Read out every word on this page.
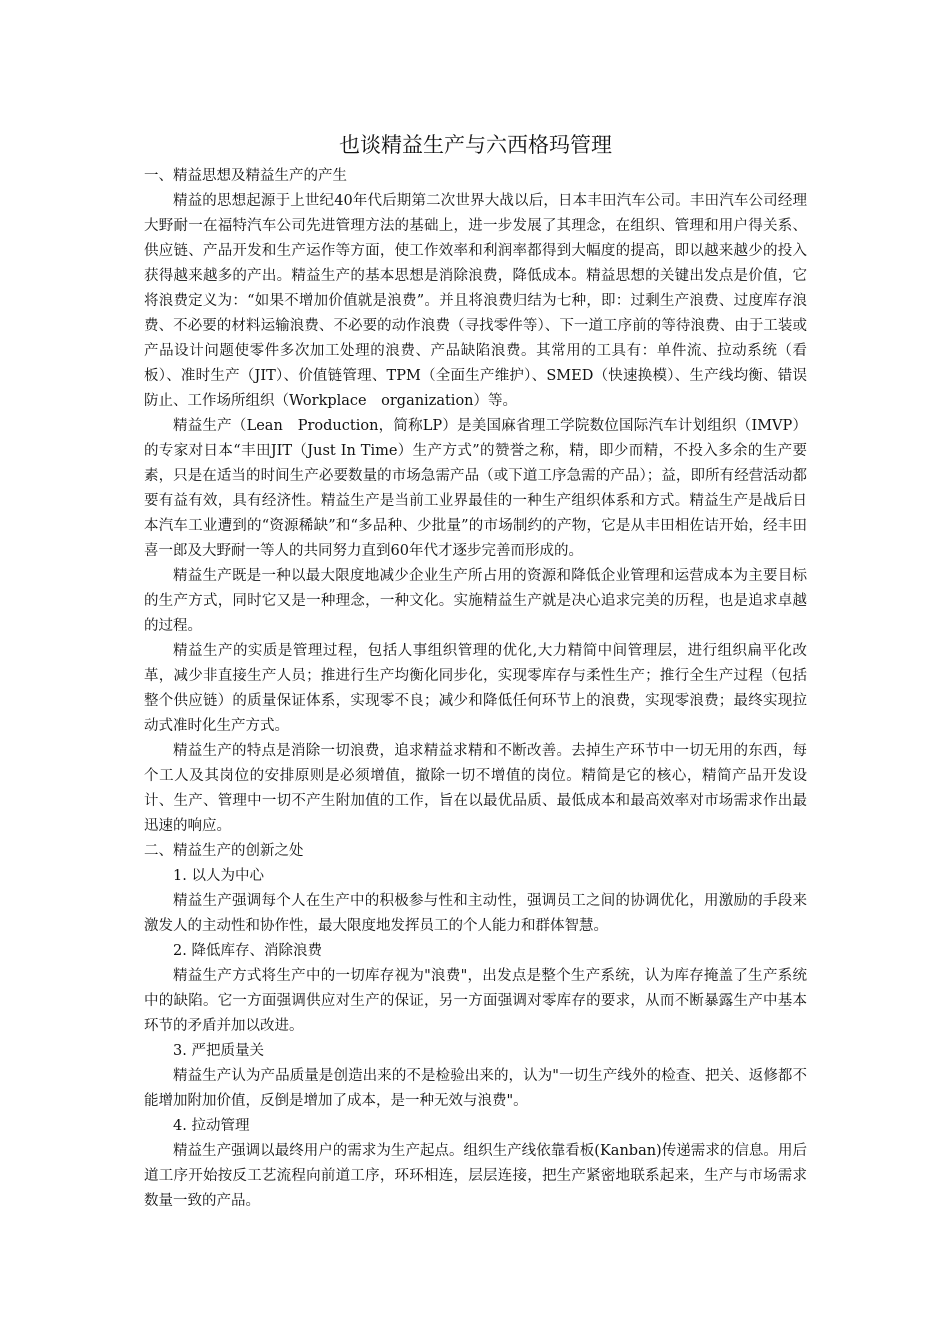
也谈精益生产与六西格玛管理

一、精益思想及精益生产的产生

精益的思想起源于上世纪40年代后期第二次世界大战以后，日本丰田汽车公司。丰田汽车公司经理大野耐一在福特汽车公司先进管理方法的基础上，进一步发展了其理念，在组织、管理和用户得关系、供应链、产品开发和生产运作等方面，使工作效率和利润率都得到大幅度的提高，即以越来越少的投入获得越来越多的产出。精益生产的基本思想是消除浪费，降低成本。精益思想的关键出发点是价值，它将浪费定义为：“如果不增加价值就是浪费”。并且将浪费归结为七种，即：过剩生产浪费、过度库存浪费、不必要的材料运输浪费、不必要的动作浪费（寻找零件等）、下一道工序前的等待浪费、由于工装或产品设计问题使零件多次加工处理的浪费、产品缺陷浪费。其常用的工具有：单件流、拉动系统（看板）、准时生产（JIT）、价值链管理、TPM（全面生产维护）、SMED（快速换模）、生产线均衡、错误防止、工作场所组织（Workplace　organization）等。

精益生产（Lean　Production，简称LP）是美国麻省理工学院数位国际汽车计划组织（IMVP）的专家对日本“丰田JIT（Just In Time）生产方式”的赞誉之称，精，即少而精，不投入多余的生产要素，只是在适当的时间生产必要数量的市场急需产品（或下道工序急需的产品）；益，即所有经营活动都要有益有效，具有经济性。精益生产是当前工业界最佳的一种生产组织体系和方式。精益生产是战后日本汽车工业遭到的“资源稀缺”和“多品种、少批量”的市场制约的产物，它是从丰田相佐诘开始，经丰田喜一郎及大野耐一等人的共同努力直到60年代才逐步完善而形成的。

精益生产既是一种以最大限度地减少企业生产所占用的资源和降低企业管理和运营成本为主要目标的生产方式，同时它又是一种理念，一种文化。实施精益生产就是决心追求完美的历程，也是追求卓越的过程。

精益生产的实质是管理过程，包括人事组织管理的优化,大力精简中间管理层，进行组织扁平化改革，减少非直接生产人员；推进行生产均衡化同步化，实现零库存与柔性生产；推行全生产过程（包括整个供应链）的质量保证体系，实现零不良；减少和降低任何环节上的浪费，实现零浪费；最终实现拉动式准时化生产方式。

精益生产的特点是消除一切浪费，追求精益求精和不断改善。去掉生产环节中一切无用的东西，每个工人及其岗位的安排原则是必须增值，撤除一切不增值的岗位。精简是它的核心，精简产品开发设计、生产、管理中一切不产生附加值的工作，旨在以最优品质、最低成本和最高效率对市场需求作出最迅速的响应。

二、精益生产的创新之处

1. 以人为中心

精益生产强调每个人在生产中的积极参与性和主动性，强调员工之间的协调优化，用激励的手段来激发人的主动性和协作性，最大限度地发挥员工的个人能力和群体智慧。

2. 降低库存、消除浪费

精益生产方式将生产中的一切库存视为"浪费"，出发点是整个生产系统，认为库存掩盖了生产系统中的缺陷。它一方面强调供应对生产的保证，另一方面强调对零库存的要求，从而不断暴露生产中基本环节的矛盾并加以改进。

3. 严把质量关

精益生产认为产品质量是创造出来的不是检验出来的，认为"一切生产线外的检查、把关、返修都不能增加附加价值，反倒是增加了成本，是一种无效与浪费"。

4. 拉动管理

精益生产强调以最终用户的需求为生产起点。组织生产线依靠看板(Kanban)传递需求的信息。用后道工序开始按反工艺流程向前道工序，环环相连，层层连接，把生产紧密地联系起来，生产与市场需求数量一致的产品。
